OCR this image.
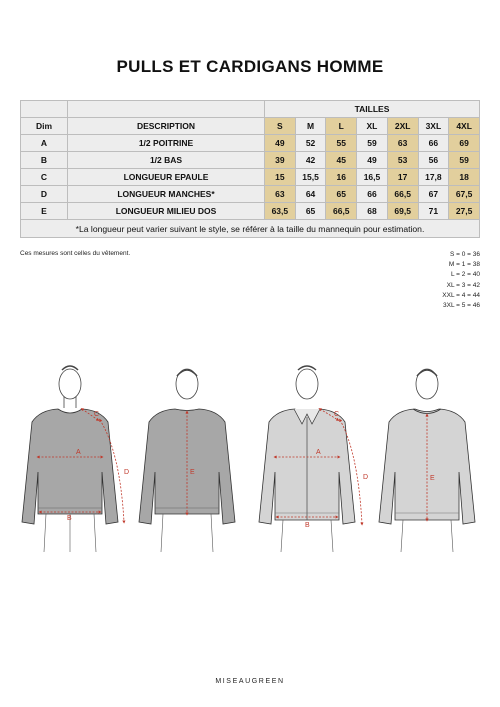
PULLS ET CARDIGANS HOMME
		TAILLES						
Dim	DESCRIPTION	S	M	L	XL	2XL	3XL	4XL
A	1/2 POITRINE	49	52	55	59	63	66	69
B	1/2 BAS	39	42	45	49	53	56	59
C	LONGUEUR EPAULE	15	15,5	16	16,5	17	17,8	18
D	LONGUEUR MANCHES*	63	64	65	66	66,5	67	67,5
E	LONGUEUR MILIEU DOS	63,5	65	66,5	68	69,5	71	27,5
*La longueur peut varier suivant le style, se référer à la taille du mannequin pour estimation.								
Ces mesures sont celles du vêtement.	S = 0 = 36
M = 1 = 38
L = 2 = 40
XL = 3 = 42
XXL = 4 = 44
3XL = 5 = 46
A
B
C
D	E
A
B
C
D	E
MISEAUGREEN
